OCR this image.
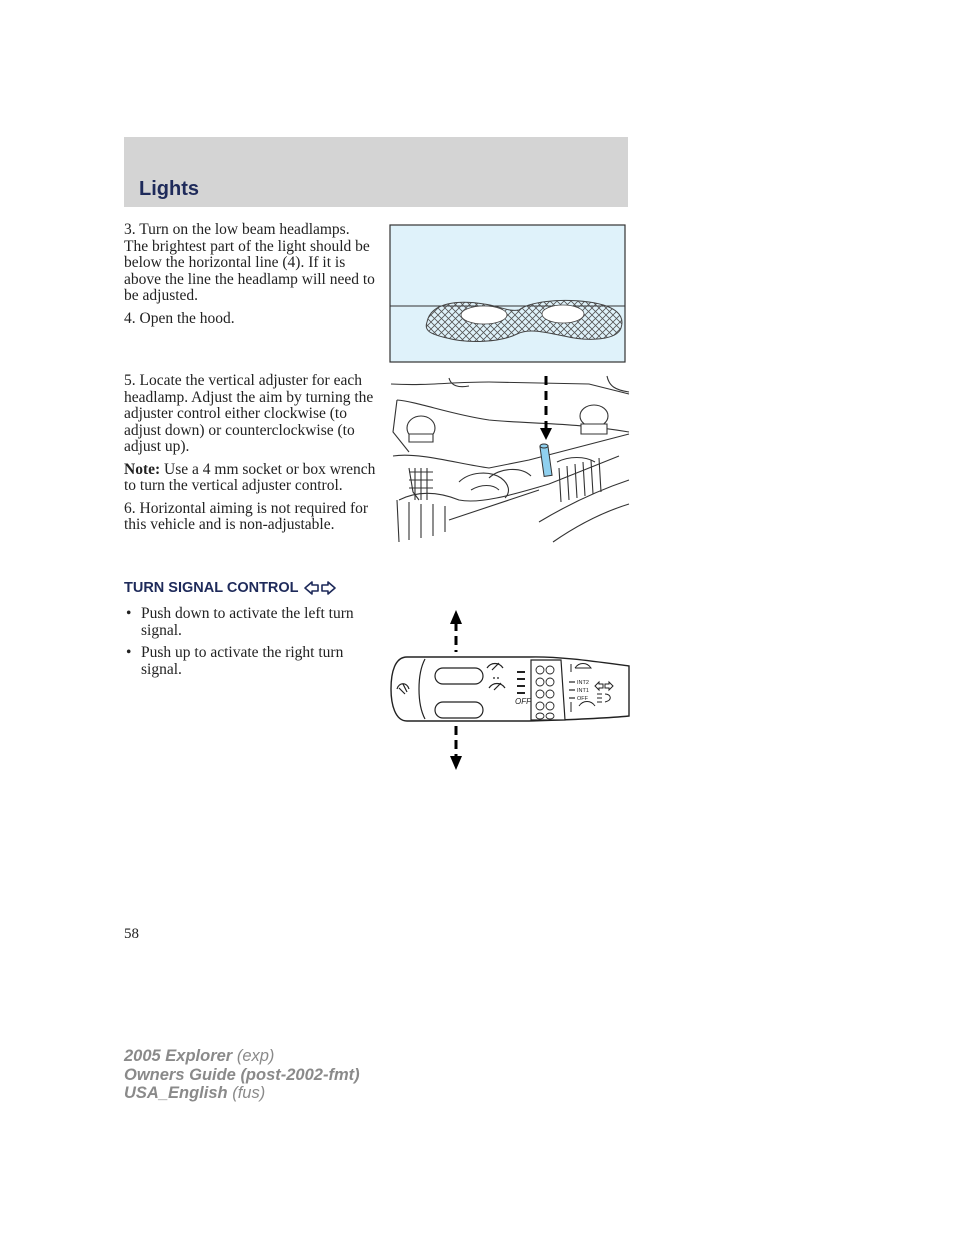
Lights

3. Turn on the low beam headlamps. The brightest part of the light should be below the horizontal line (4). If it is above the line the headlamp will need to be adjusted.

4. Open the hood.

5. Locate the vertical adjuster for each headlamp. Adjust the aim by turning the adjuster control either clockwise (to adjust down) or counterclockwise (to adjust up).

Note: Use a 4 mm socket or box wrench to turn the vertical adjuster control.

6. Horizontal aiming is not required for this vehicle and is non-adjustable.

TURN SIGNAL CONTROL
• Push down to activate the left turn signal.
• Push up to activate the right turn signal.
OFF
INT2
INT1
OFF
58
2005 Explorer (exp)
Owners Guide (post-2002-fmt)
USA_English (fus)
